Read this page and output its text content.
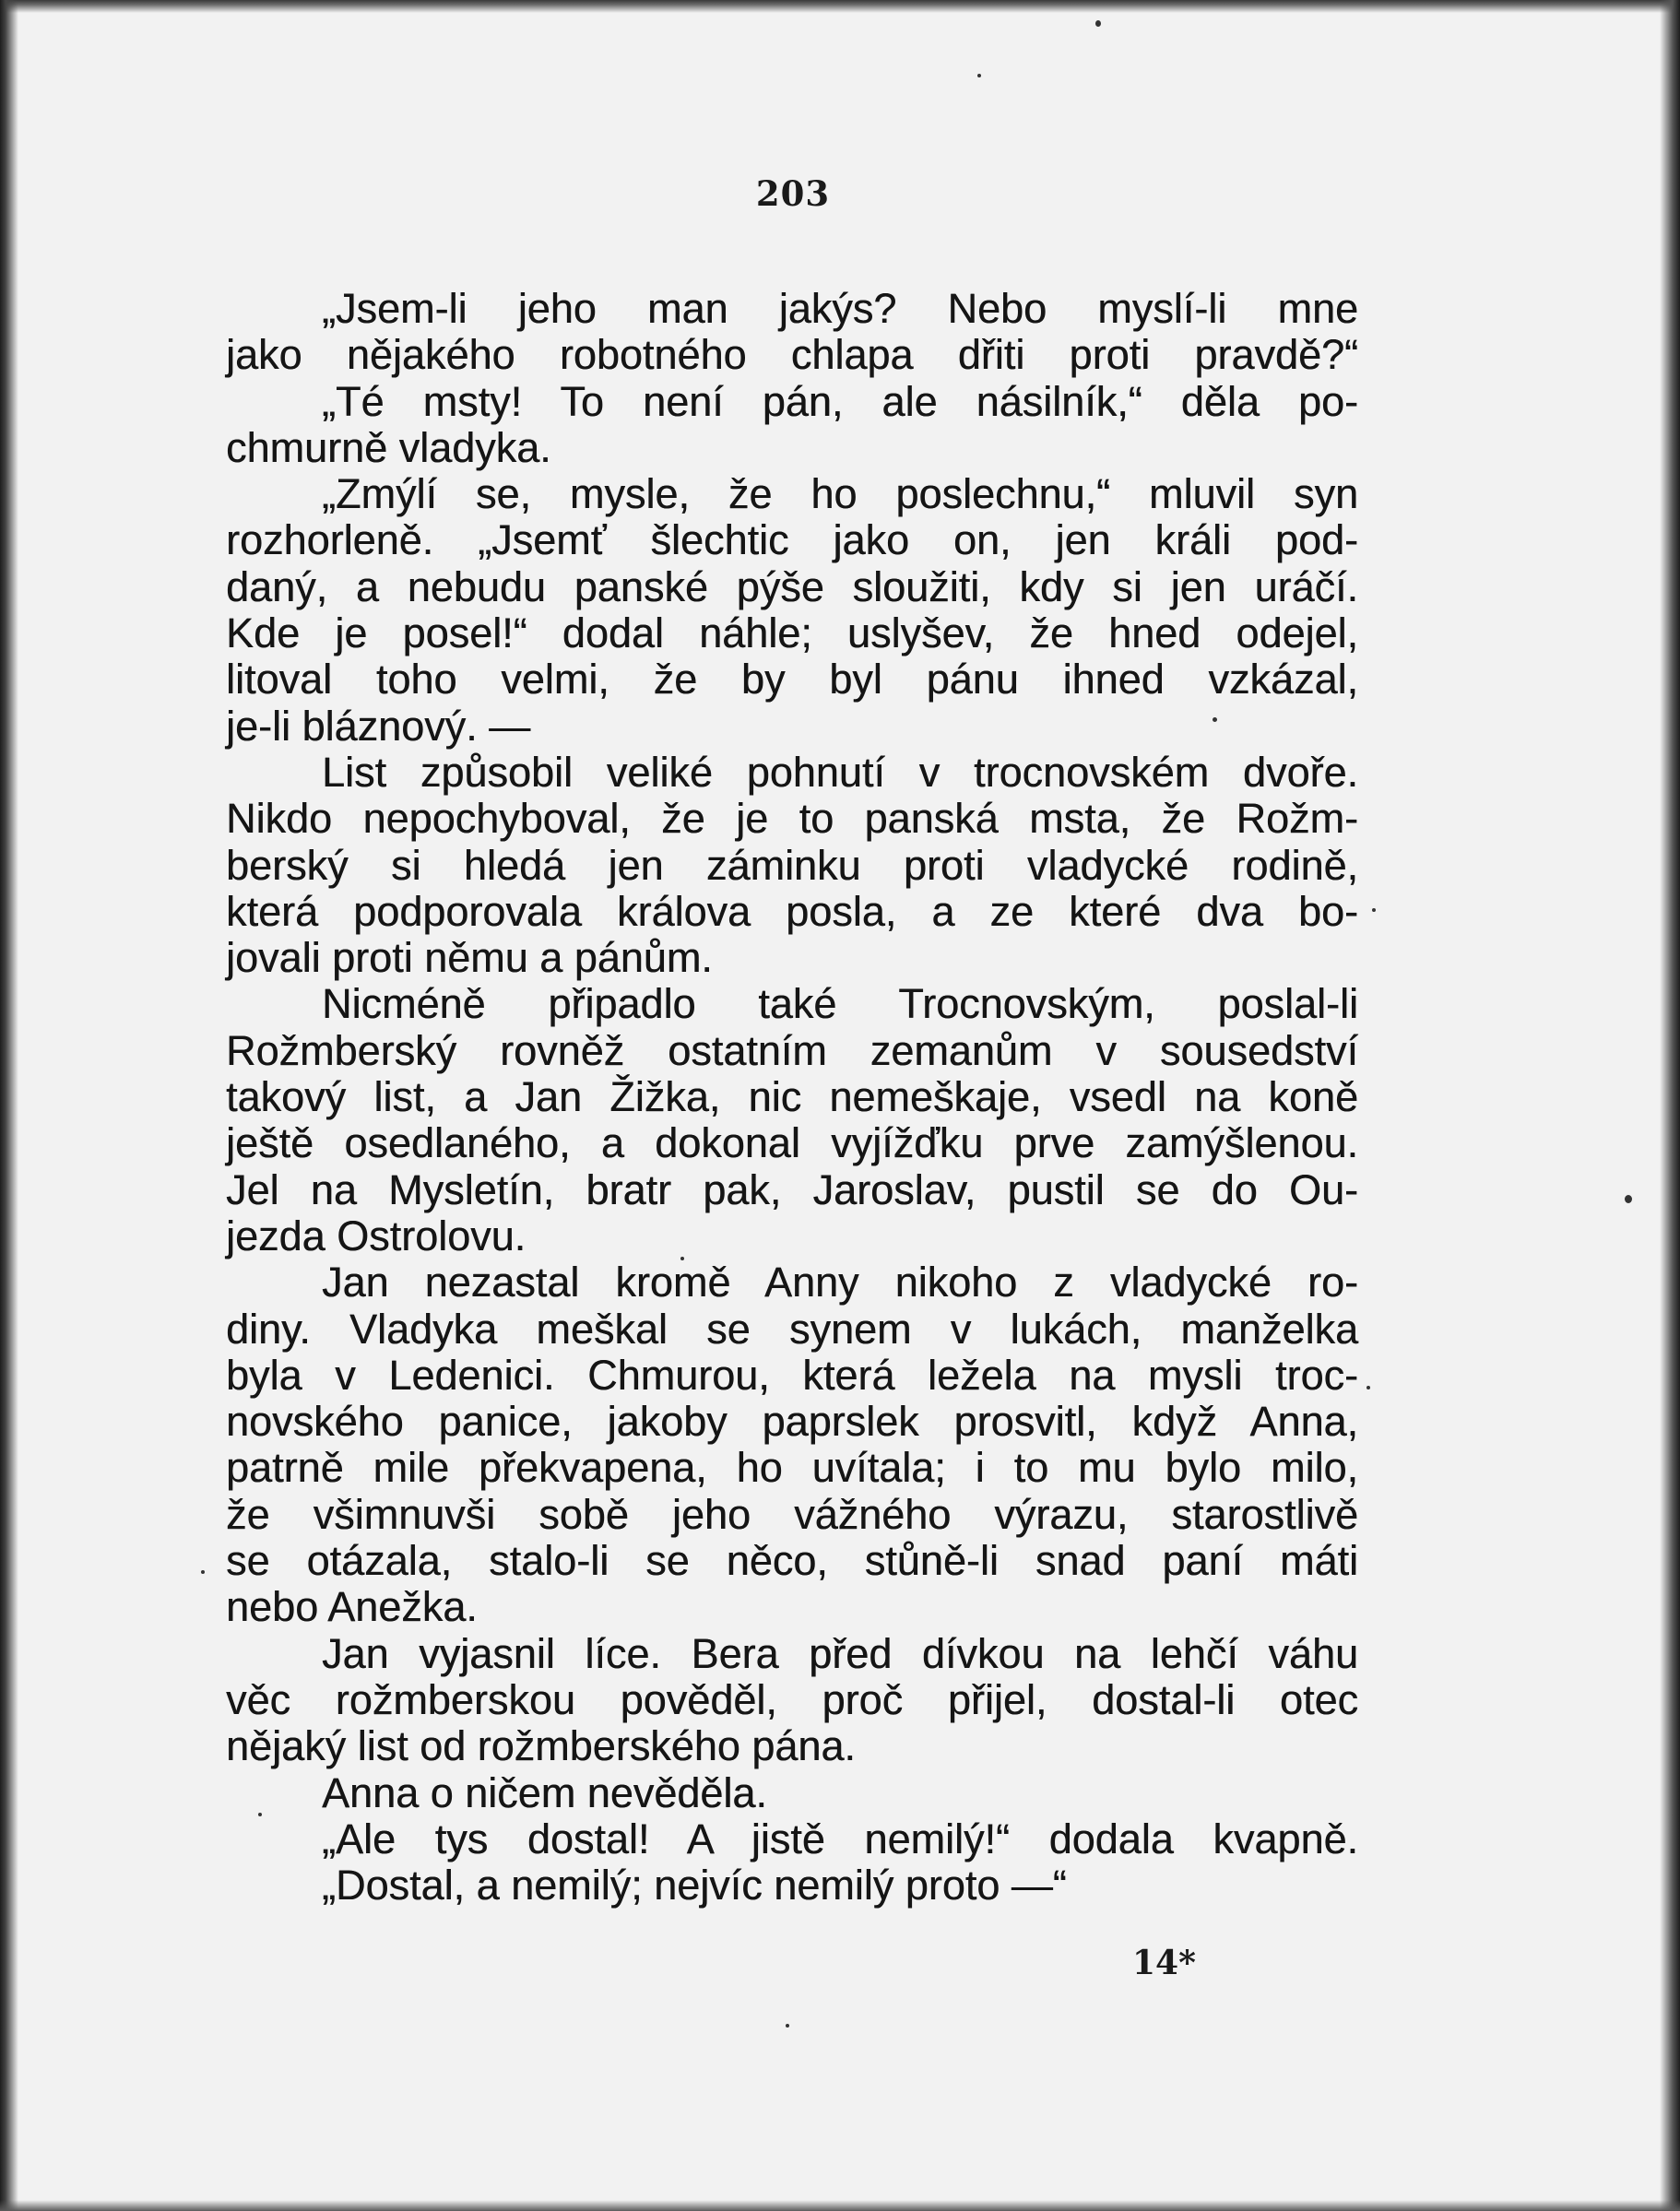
203
„Jsem-li jeho man jakýs? Nebo myslí-li mne
jako nějakého robotného chlapa dřiti proti pravdě?“
„Té msty! To není pán, ale násilník,“ děla po-
chmurně vladyka.
„Zmýlí se, mysle, že ho poslechnu,“ mluvil syn
rozhorleně. „Jsemť šlechtic jako on, jen králi pod-
daný, a nebudu panské pýše sloužiti, kdy si jen uráčí.
Kde je posel!“ dodal náhle; uslyšev, že hned odejel,
litoval toho velmi, že by byl pánu ihned vzkázal,
je-li bláznový. —
List způsobil veliké pohnutí v trocnovském dvoře.
Nikdo nepochyboval, že je to panská msta, že Rožm-
berský si hledá jen záminku proti vladycké rodině,
která podporovala králova posla, a ze které dva bo-
jovali proti němu a pánům.
Nicméně připadlo také Trocnovským, poslal-li
Rožmberský rovněž ostatním zemanům v sousedství
takový list, a Jan Žižka, nic nemeškaje, vsedl na koně
ještě osedlaného, a dokonal vyjížďku prve zamýšlenou.
Jel na Mysletín, bratr pak, Jaroslav, pustil se do Ou-
jezda Ostrolovu.
Jan nezastal kromě Anny nikoho z vladycké ro-
diny. Vladyka meškal se synem v lukách, manželka
byla v Ledenici. Chmurou, která ležela na mysli troc-
novského panice, jakoby paprslek prosvitl, když Anna,
patrně mile překvapena, ho uvítala; i to mu bylo milo,
že všimnuvši sobě jeho vážného výrazu, starostlivě
se otázala, stalo-li se něco, stůně-li snad paní máti
nebo Anežka.
Jan vyjasnil líce. Bera před dívkou na lehčí váhu
věc rožmberskou pověděl, proč přijel, dostal-li otec
nějaký list od rožmberského pána.
Anna o ničem nevěděla.
„Ale tys dostal! A jistě nemilý!“ dodala kvapně.
„Dostal, a nemilý; nejvíc nemilý proto —“
14*
